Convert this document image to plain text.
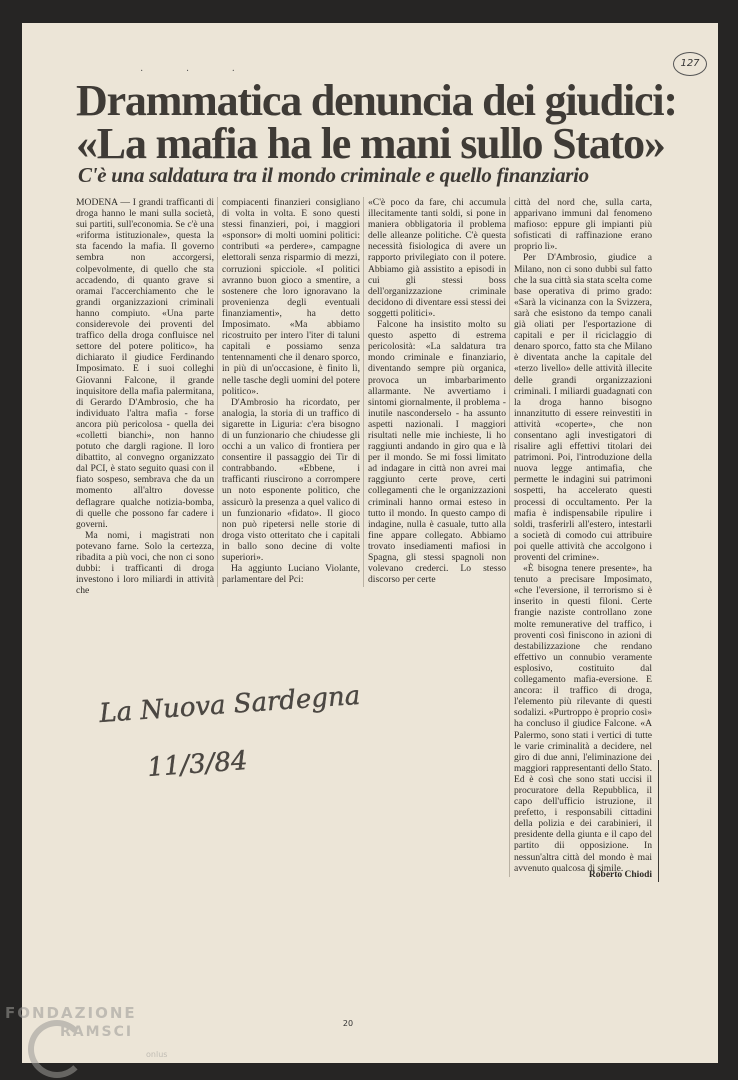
127
· · ·
Drammatica denuncia dei giudici:
«La mafia ha le mani sullo Stato»
C'è una saldatura tra il mondo criminale e quello finanziario

MODENA — I grandi trafficanti di droga hanno le mani sulla società, sui partiti, sull'economia. Se c'è una «riforma istituzionale», questa la sta facendo la mafia. Il governo sembra non accorgersi, colpevolmente, di quello che sta accadendo, di quanto grave si oramai l'accerchiamento che le grandi organizzazioni criminali hanno compiuto. «Una parte considerevole dei proventi del traffico della droga confluisce nel settore del potere politico», ha dichiarato il giudice Ferdinando Imposimato. E i suoi colleghi Giovanni Falcone, il grande inquisitore della mafia palermitana, di Gerardo D'Ambrosio, che ha individuato l'altra mafia - forse ancora più pericolosa - quella dei «colletti bianchi», non hanno potuto che dargli ragione. Il loro dibattito, al convegno organizzato dal PCI, è stato seguito quasi con il fiato sospeso, sembrava che da un momento all'altro dovesse deflagrare qualche notizia-bomba, di quelle che possono far cadere i governi.

Ma nomi, i magistrati non potevano farne. Solo la certezza, ribadita a più voci, che non ci sono dubbi: i trafficanti di droga investono i loro miliardi in attività che

compiacenti finanzieri consigliano di volta in volta. E sono questi stessi finanzieri, poi, i maggiori «sponsor» di molti uomini politici: contributi «a perdere», campagne elettorali senza risparmio di mezzi, corruzioni spicciole. «I politici avranno buon gioco a smentire, a sostenere che loro ignoravano la provenienza degli eventuali finanziamenti», ha detto Imposimato. «Ma abbiamo ricostruito per intero l'iter di taluni capitali e possiamo senza tentennamenti che il denaro sporco, in più di un'occasione, è finito lì, nelle tasche degli uomini del potere politico».

D'Ambrosio ha ricordato, per analogia, la storia di un traffico di sigarette in Liguria: c'era bisogno di un funzionario che chiudesse gli occhi a un valico di frontiera per consentire il passaggio dei Tir di contrabbando. «Ebbene, i trafficanti riuscirono a corrompere un noto esponente politico, che assicurò la presenza a quel valico di un funzionario «fidato». Il gioco non può ripetersi nelle storie di droga visto otteritato che i capitali in ballo sono decine di volte superiori».

Ha aggiunto Luciano Violante, parlamentare del Pci:

«C'è poco da fare, chi accumula illecitamente tanti soldi, si pone in maniera obbligatoria il problema delle alleanze politiche. C'è questa necessità fisiologica di avere un rapporto privilegiato con il potere. Abbiamo già assistito a episodi in cui gli stessi boss dell'organizzazione criminale decidono di diventare essi stessi dei soggetti politici».

Falcone ha insistito molto su questo aspetto di estrema pericolosità: «La saldatura tra mondo criminale e finanziario, diventando sempre più organica, provoca un imbarbarimento allarmante. Ne avvertiamo i sintomi giornalmente, il problema - inutile nasconderselo - ha assunto aspetti nazionali. I maggiori risultati nelle mie inchieste, li ho raggiunti andando in giro qua e là per il mondo. Se mi fossi limitato ad indagare in città non avrei mai raggiunto certe prove, certi collegamenti che le organizzazioni criminali hanno ormai esteso in tutto il mondo. In questo campo di indagine, nulla è casuale, tutto alla fine appare collegato. Abbiamo trovato insediamenti mafiosi in Spagna, gli stessi spagnoli non volevano crederci. Lo stesso discorso per certe

città del nord che, sulla carta, apparivano immuni dal fenomeno mafioso: eppure gli impianti più sofisticati di raffinazione erano proprio lì».

Per D'Ambrosio, giudice a Milano, non ci sono dubbi sul fatto che la sua città sia stata scelta come base operativa di primo grado: «Sarà la vicinanza con la Svizzera, sarà che esistono da tempo canali già oliati per l'esportazione di capitali e per il riciclaggio di denaro sporco, fatto sta che Milano è diventata anche la capitale del «terzo livello» delle attività illecite delle grandi organizzazioni criminali. I miliardi guadagnati con la droga hanno bisogno innanzitutto di essere reinvestiti in attività «coperte», che non consentano agli investigatori di risalire agli effettivi titolari dei patrimoni. Poi, l'introduzione della nuova legge antimafia, che permette le indagini sui patrimoni sospetti, ha accelerato questi processi di occultamento. Per la mafia è indispensabile ripulire i soldi, trasferirli all'estero, intestarli a società di comodo cui attribuire poi quelle attività che accolgono i proventi del crimine».

«È bisogna tenere presente», ha tenuto a precisare Imposimato, «che l'eversione, il terrorismo si è inserito in questi filoni. Certe frangie naziste controllano zone molte remunerative del traffico, i proventi così finiscono in azioni di destabilizzazione che rendano effettivo un connubio veramente esplosivo, costituito dal collegamento mafia-eversione. E ancora: il traffico di droga, l'elemento più rilevante di questi sodalizi. «Purtroppo è proprio così» ha concluso il giudice Falcone. «A Palermo, sono stati i vertici di tutte le varie criminalità a decidere, nel giro di due anni, l'eliminazione dei maggiori rappresentanti dello Stato. Ed è così che sono stati uccisi il procuratore della Repubblica, il capo dell'ufficio istruzione, il prefetto, i responsabili cittadini della polizia e dei carabinieri, il presidente della giunta e il capo del partito dii opposizione. In nessun'altra città del mondo è mai avvenuto qualcosa di simile.

Roberto Chiodi
La Nuova Sardegna
11/3/84
20
FONDAZIONE
RAMSCI
onlus
